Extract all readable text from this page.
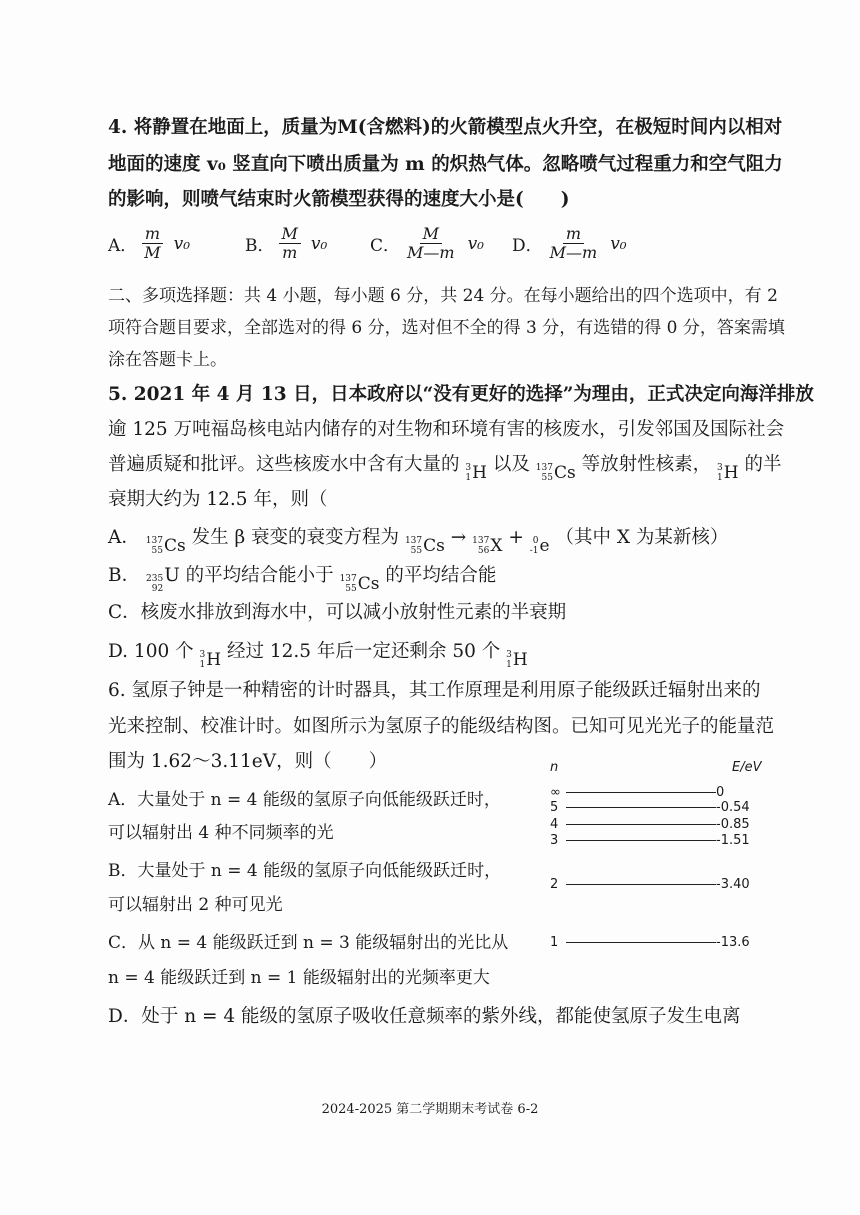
4. 将静置在地面上，质量为M(含燃料)的火箭模型点火升空，在极短时间内以相对
地面的速度 v₀ 竖直向下喷出质量为 m 的炽热气体。忽略喷气过程重力和空气阻力
的影响，则喷气结束时火箭模型获得的速度大小是(　　)
A． $\frac{m}{M} v_0$	B． $\frac{M}{m} v_0$	C． $\frac{M}{M—m} v_0$ D． $\frac{m}{M—m} v_0$
二、多项选择题：共 4 小题，每小题 6 分，共 24 分。在每小题给出的四个选项中，有 2
项符合题目要求，全部选对的得 6 分，选对但不全的得 3 分，有选错的得 0 分，答案需填
涂在答题卡上。
5. 2021 年 4 月 13 日，日本政府以“没有更好的选择”为理由，正式决定向海洋排放
逾 125 万吨福岛核电站内储存的对生物和环境有害的核废水，引发邻国及国际社会
普遍质疑和批评。这些核废水中含有大量的 3
1 H 以及 137
55 Cs 等放射性核素， 3
1 H 的半
衰期大约为 12.5 年，则（
A． 137
55 Cs 发生 β 衰变的衰变方程为 137
55 Cs → 137
56 X + 0
-1 e （其中 X 为某新核）
B． 235
92
U 的平均结合能小于 137
55 Cs 的平均结合能
C．核废水排放到海水中，可以减小放射性元素的半衰期
D. 100 个 3
1 H 经过 12.5 年后一定还剩余 50 个 3
1 H
6. 氢原子钟是一种精密的计时器具，其工作原理是利用原子能级跃迁辐射出来的
光来控制、校准计时。如图所示为氢原子的能级结构图。已知可见光光子的能量范
围为 1.62～3.11eV，则（　　）
A．大量处于 n = 4 能级的氢原子向低能级跃迁时，
可以辐射出 4 种不同频率的光
B．大量处于 n = 4 能级的氢原子向低能级跃迁时，
可以辐射出 2 种可见光
C．从 n = 4 能级跃迁到 n = 3 能级辐射出的光比从
n = 4 能级跃迁到 n = 1 能级辐射出的光频率更大
D．处于 n = 4 能级的氢原子吸收任意频率的紫外线，都能使氢原子发生电离
n	E/eV
∞	0
5	-0.54
4	-0.85
3	-1.51
2	-3.40
1	-13.6
2024-2025 第二学期期末考试卷 6-2
